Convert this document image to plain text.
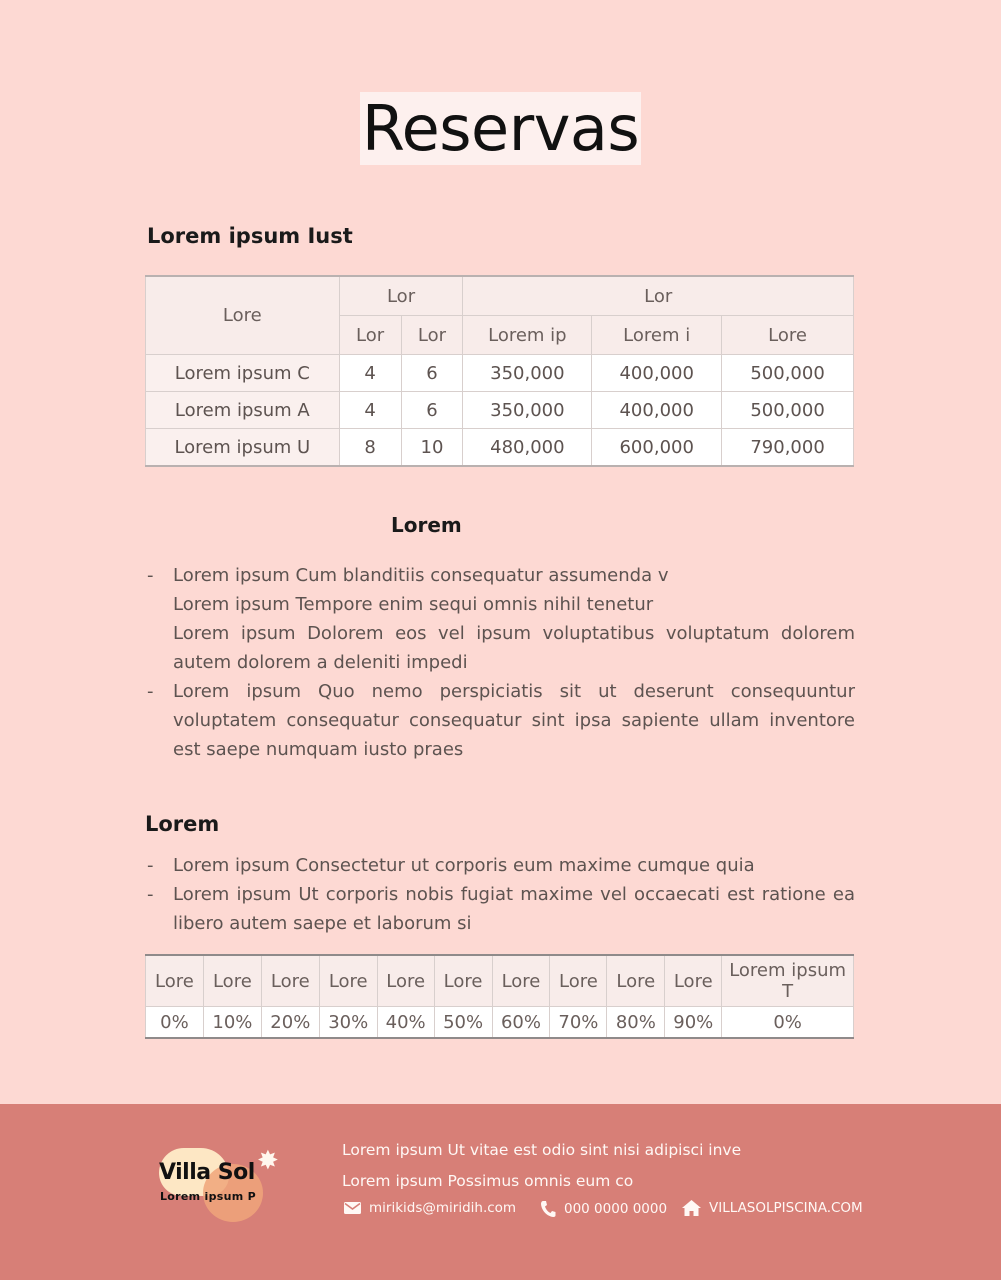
Reservas
Lorem ipsum Iust
Lore	Lor		Lor		
	Lor	Lor	Lorem ip	Lorem i	Lore
Lorem ipsum C	4	6	350,000	400,000	500,000
Lorem ipsum A	4	6	350,000	400,000	500,000
Lorem ipsum U	8	10	480,000	600,000	790,000
Lorem
- Lorem ipsum Cum blanditiis consequatur assumenda v

Lorem ipsum Tempore enim sequi omnis nihil tenetur

Lorem ipsum Dolorem eos vel ipsum voluptatibus voluptatum dolorem autem dolorem a deleniti impedi

- Lorem ipsum Quo nemo perspiciatis sit ut deserunt consequuntur voluptatem consequatur consequatur sint ipsa sapiente ullam inventore est saepe numquam iusto praes

Lorem
- Lorem ipsum Consectetur ut corporis eum maxime cumque quia

- Lorem ipsum Ut corporis nobis fugiat maxime vel occaecati est ratione ea libero autem saepe et laborum si

Lore	Lore	Lore	Lore	Lore	Lore	Lore	Lore	Lore	Lore	Lorem ipsum T
0%	10%	20%	30%	40%	50%	60%	70%	80%	90%	0%
✸
Villa Sol
Lorem ipsum P
Lorem ipsum Ut vitae est odio sint nisi adipisci inve
Lorem ipsum Possimus omnis eum co
mirikids@miridih.com	000 0000 0000	VILLASOLPISCINA.COM
